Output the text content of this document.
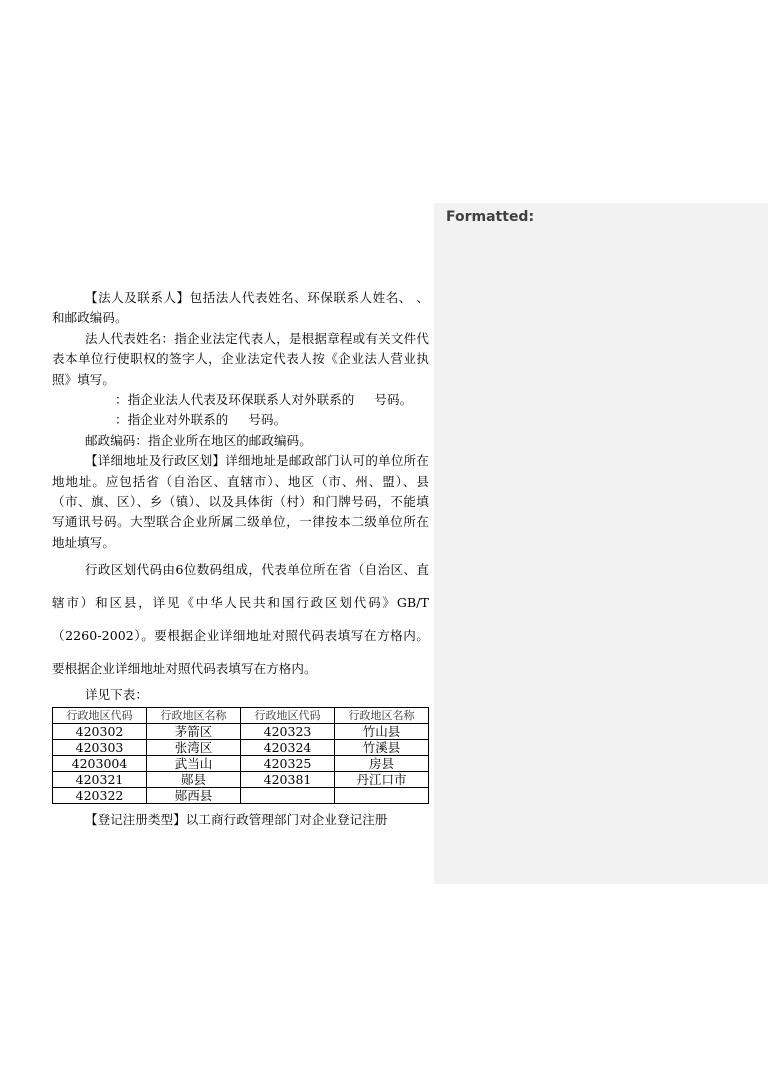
Formatted:

【法人及联系人】包括法人代表姓名、环保联系人姓名、 、和邮政编码。

法人代表姓名：指企业法定代表人，是根据章程或有关文件代表本单位行使职权的签字人，企业法定代表人按《企业法人营业执照》填写。

：指企业法人代表及环保联系人对外联系的 号码。

：指企业对外联系的 号码。

邮政编码：指企业所在地区的邮政编码。

【详细地址及行政区划】详细地址是邮政部门认可的单位所在地地址。应包括省（自治区、直辖市）、地区（市、州、盟）、县（市、旗、区）、乡（镇）、以及具体街（村）和门牌号码，不能填写通讯号码。大型联合企业所属二级单位，一律按本二级单位所在地址填写。

行政区划代码由6位数码组成，代表单位所在省（自治区、直辖市）和区县，详见《中华人民共和国行政区划代码》GB/T（2260-2002）。要根据企业详细地址对照代码表填写在方格内。要根据企业详细地址对照代码表填写在方格内。

详见下表：

行政地区代码	行政地区名称	行政地区代码	行政地区名称
420302	茅箭区	420323	竹山县
420303	张湾区	420324	竹溪县
4203004	武当山	420325	房县
420321	郧县	420381	丹江口市
420322	郧西县		

【登记注册类型】以工商行政管理部门对企业登记注册
